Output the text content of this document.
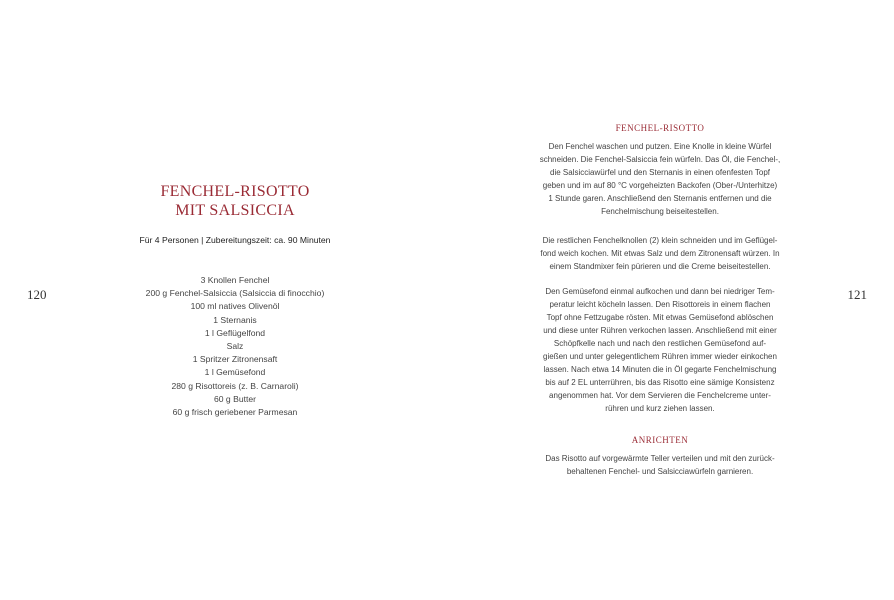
120
FENCHEL-RISOTTO
MIT SALSICCIA
Für 4 Personen | Zubereitungszeit: ca. 90 Minuten
3 Knollen Fenchel
200 g Fenchel-Salsiccia (Salsiccia di finocchio)
100 ml natives Olivenöl
1 Sternanis
1 l Geflügelfond
Salz
1 Spritzer Zitronensaft
1 l Gemüsefond
280 g Risottoreis (z. B. Carnaroli)
60 g Butter
60 g frisch geriebener Parmesan
FENCHEL-RISOTTO
Den Fenchel waschen und putzen. Eine Knolle in kleine Würfel
schneiden. Die Fenchel-Salsiccia fein würfeln. Das Öl, die Fenchel-,
die Salsicciawürfel und den Sternanis in einen ofenfesten Topf
geben und im auf 80 °C vorgeheizten Backofen (Ober-/Unterhitze)
1 Stunde garen. Anschließend den Sternanis entfernen und die
Fenchelmischung beiseitestellen.
Die restlichen Fenchelknollen (2) klein schneiden und im Geflügel-
fond weich kochen. Mit etwas Salz und dem Zitronensaft würzen. In
einem Standmixer fein pürieren und die Creme beiseitestellen.
Den Gemüsefond einmal aufkochen und dann bei niedriger Tem-
peratur leicht köcheln lassen. Den Risottoreis in einem flachen
Topf ohne Fettzugabe rösten. Mit etwas Gemüsefond ablöschen
und diese unter Rühren verkochen lassen. Anschließend mit einer
Schöpfkelle nach und nach den restlichen Gemüsefond auf-
gießen und unter gelegentlichem Rühren immer wieder einkochen
lassen. Nach etwa 14 Minuten die in Öl gegarte Fenchelmischung
bis auf 2 EL unterrühren, bis das Risotto eine sämige Konsistenz
angenommen hat. Vor dem Servieren die Fenchelcreme unter-
rühren und kurz ziehen lassen.
ANRICHTEN
Das Risotto auf vorgewärmte Teller verteilen und mit den zurück-
behaltenen Fenchel- und Salsicciawürfeln garnieren.
121
